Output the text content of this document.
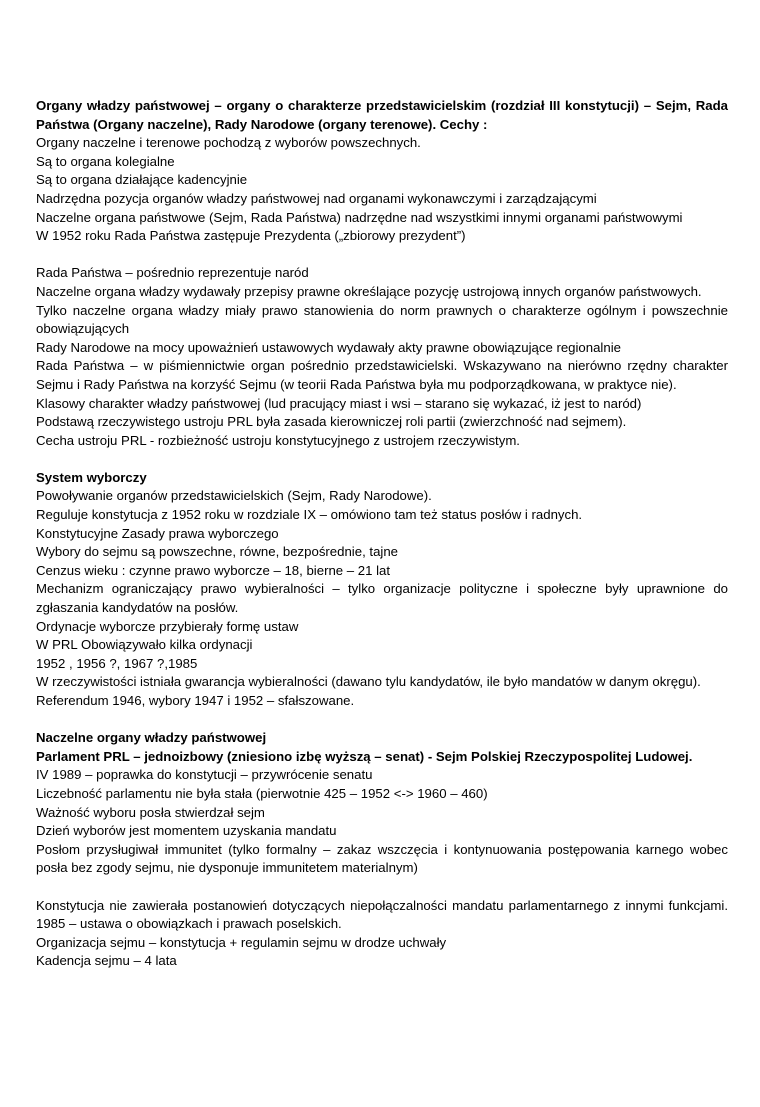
Organy władzy państwowej – organy o charakterze przedstawicielskim (rozdział III konstytucji) – Sejm, Rada Państwa (Organy naczelne), Rady Narodowe (organy terenowe). Cechy :

Organy naczelne i terenowe pochodzą z wyborów powszechnych.

Są to organa kolegialne

Są to organa działające kadencyjnie

Nadrzędna pozycja organów władzy państwowej nad organami wykonawczymi i zarządzającymi

Naczelne organa państwowe (Sejm, Rada Państwa) nadrzędne nad wszystkimi innymi organami państwowymi

W 1952 roku Rada Państwa zastępuje Prezydenta („zbiorowy prezydent”)

Rada Państwa – pośrednio reprezentuje naród

Naczelne organa władzy wydawały przepisy prawne określające pozycję ustrojową innych organów państwowych.

Tylko naczelne organa władzy miały prawo stanowienia do norm prawnych o charakterze ogólnym i powszechnie obowiązujących

Rady Narodowe na mocy upoważnień ustawowych wydawały akty prawne obowiązujące regionalnie

Rada Państwa – w piśmiennictwie organ pośrednio przedstawicielski. Wskazywano na nierówno rzędny charakter Sejmu i Rady Państwa na korzyść Sejmu (w teorii Rada Państwa była mu podporządkowana, w praktyce nie).

Klasowy charakter władzy państwowej (lud pracujący miast i wsi – starano się wykazać, iż jest to naród)

Podstawą rzeczywistego ustroju PRL była zasada kierowniczej roli partii (zwierzchność nad sejmem).

Cecha ustroju PRL - rozbieżność ustroju konstytucyjnego z ustrojem rzeczywistym.

System wyborczy

Powoływanie organów przedstawicielskich (Sejm, Rady Narodowe).

Reguluje konstytucja z 1952 roku w rozdziale IX – omówiono tam też status posłów i radnych.

Konstytucyjne Zasady prawa wyborczego

Wybory do sejmu są powszechne, równe, bezpośrednie, tajne

Cenzus wieku : czynne prawo wyborcze – 18, bierne – 21 lat

Mechanizm ograniczający prawo wybieralności – tylko organizacje polityczne i społeczne były uprawnione do zgłaszania kandydatów na posłów.

Ordynacje wyborcze przybierały formę ustaw

W PRL Obowiązywało kilka ordynacji

1952 , 1956 ?, 1967 ?,1985

W rzeczywistości istniała gwarancja wybieralności (dawano tylu kandydatów, ile było mandatów w danym okręgu).

Referendum 1946, wybory 1947 i 1952 – sfałszowane.

Naczelne organy władzy państwowej

Parlament PRL – jednoizbowy (zniesiono izbę wyższą – senat) - Sejm Polskiej Rzeczypospolitej Ludowej.

IV 1989 – poprawka do konstytucji – przywrócenie senatu

Liczebność parlamentu nie była stała (pierwotnie 425 – 1952 <-> 1960 – 460)

Ważność wyboru posła stwierdzał sejm

Dzień wyborów jest momentem uzyskania mandatu

Posłom przysługiwał immunitet (tylko formalny – zakaz wszczęcia i kontynuowania postępowania karnego wobec posła bez zgody sejmu, nie dysponuje immunitetem materialnym)

Konstytucja nie zawierała postanowień dotyczących niepołączalności mandatu parlamentarnego z innymi funkcjami. 1985 – ustawa o obowiązkach i prawach poselskich.

Organizacja sejmu – konstytucja + regulamin sejmu w drodze uchwały

Kadencja sejmu – 4 lata
